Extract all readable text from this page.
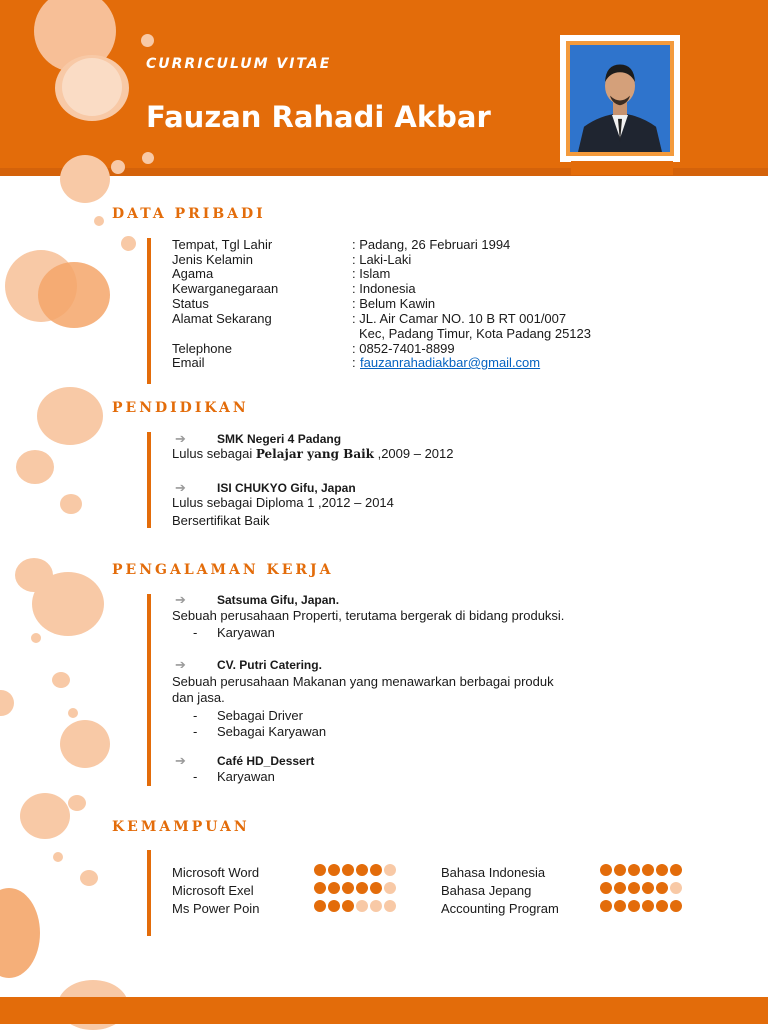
CURRICULUM VITAE
Fauzan Rahadi Akbar
DATA PRIBADI
Tempat, Tgl Lahir	: Padang, 26 Februari 1994
Jenis Kelamin	: Laki-Laki
Agama	: Islam
Kewarganegaraan	: Indonesia
Status	: Belum Kawin
Alamat Sekarang	: JL. Air Camar NO. 10 B RT 001/007
Kec, Padang Timur, Kota Padang 25123
Telephone	: 0852-7401-8899
Email	: fauzanrahadiakbar@gmail.com
PENDIDIKAN
➔	SMK Negeri 4 Padang
Lulus sebagai Pelajar yang Baik ,2009 – 2012
➔	ISI CHUKYO Gifu, Japan
Lulus sebagai Diploma 1 ,2012 – 2014
Bersertifikat Baik
PENGALAMAN KERJA
➔	Satsuma Gifu, Japan.
Sebuah perusahaan Properti, terutama bergerak di bidang produksi.
- Karyawan
➔	CV. Putri Catering.
Sebuah perusahaan Makanan yang menawarkan berbagai produk
dan jasa.
- Sebagai Driver
- Sebagai Karyawan
➔	Café HD_Dessert
- Karyawan
KEMAMPUAN
Microsoft Word
Microsoft Exel
Ms Power Poin
Bahasa Indonesia
Bahasa Jepang
Accounting Program
